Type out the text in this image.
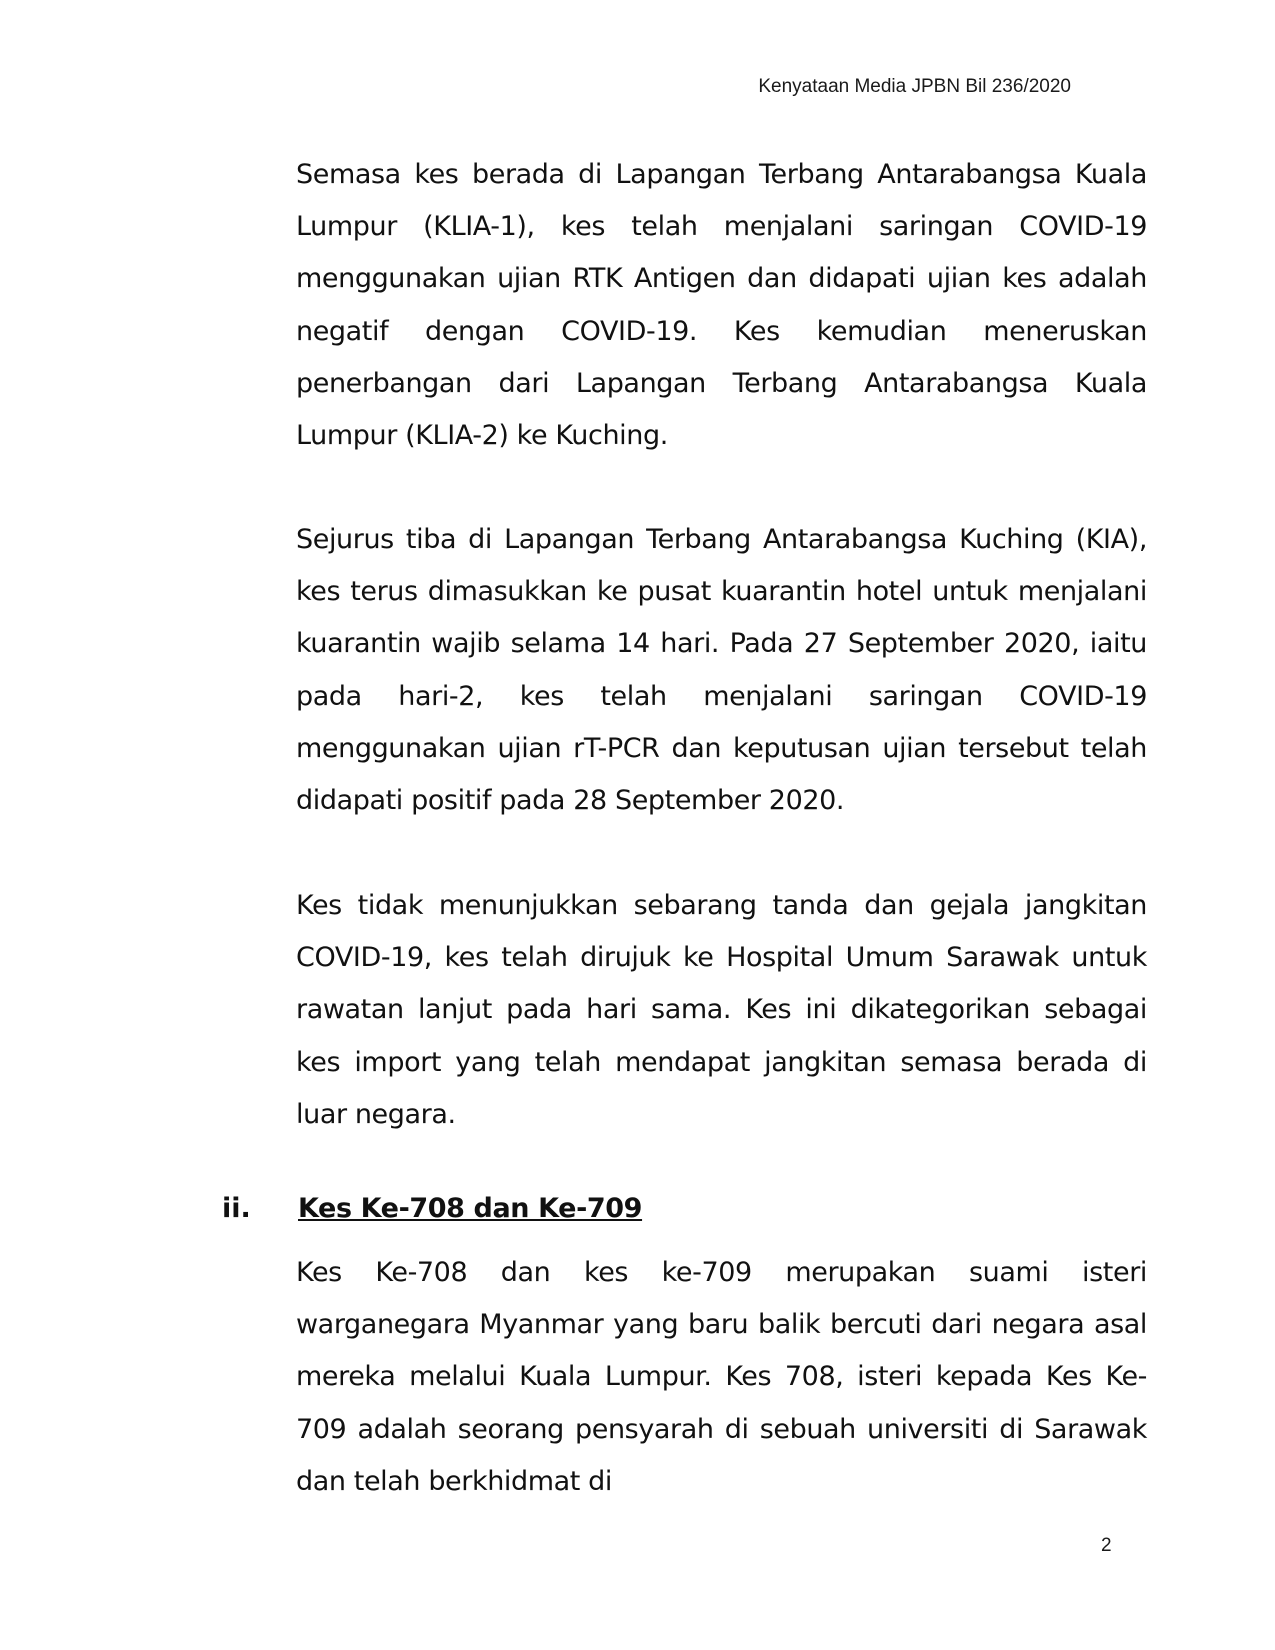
Kenyataan Media JPBN Bil 236/2020

Semasa kes berada di Lapangan Terbang Antarabangsa Kuala Lumpur (KLIA-1), kes telah menjalani saringan COVID-19 menggunakan ujian RTK Antigen dan didapati ujian kes adalah negatif dengan COVID-19. Kes kemudian meneruskan penerbangan dari Lapangan Terbang Antarabangsa Kuala Lumpur (KLIA-2) ke Kuching.

Sejurus tiba di Lapangan Terbang Antarabangsa Kuching (KIA), kes terus dimasukkan ke pusat kuarantin hotel untuk menjalani kuarantin wajib selama 14 hari. Pada 27 September 2020, iaitu pada hari-2, kes telah menjalani saringan COVID-19 menggunakan ujian rT-PCR dan keputusan ujian tersebut telah didapati positif pada 28 September 2020.

Kes tidak menunjukkan sebarang tanda dan gejala jangkitan COVID-19, kes telah dirujuk ke Hospital Umum Sarawak untuk rawatan lanjut pada hari sama. Kes ini dikategorikan sebagai kes import yang telah mendapat jangkitan semasa berada di luar negara.

ii. Kes Ke-708 dan Ke-709

Kes Ke-708 dan kes ke-709 merupakan suami isteri warganegara Myanmar yang baru balik bercuti dari negara asal mereka melalui Kuala Lumpur. Kes 708, isteri kepada Kes Ke-709 adalah seorang pensyarah di sebuah universiti di Sarawak dan telah berkhidmat di

2
